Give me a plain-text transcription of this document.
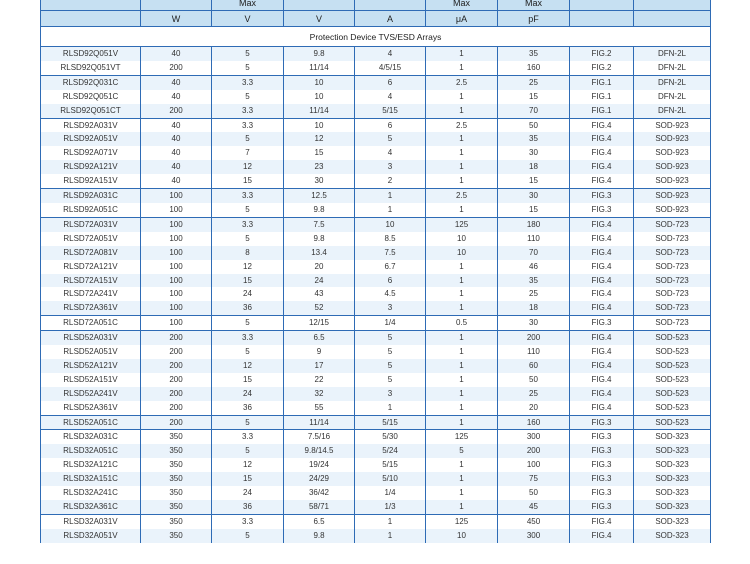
		Max			Max	Max		
	W	V	V	A	μA	pF		
Protection Device TVS/ESD Arrays								
RLSD92Q051V	40	5	9.8	4	1	35	FIG.2	DFN-2L
RLSD92Q051VT	200	5	11/14	4/5/15	1	160	FIG.2	DFN-2L
RLSD92Q031C	40	3.3	10	6	2.5	25	FIG.1	DFN-2L
RLSD92Q051C	40	5	10	4	1	15	FIG.1	DFN-2L
RLSD92Q051CT	200	3.3	11/14	5/15	1	70	FIG.1	DFN-2L
RLSD92A031V	40	3.3	10	6	2.5	50	FIG.4	SOD-923
RLSD92A051V	40	5	12	5	1	35	FIG.4	SOD-923
RLSD92A071V	40	7	15	4	1	30	FIG.4	SOD-923
RLSD92A121V	40	12	23	3	1	18	FIG.4	SOD-923
RLSD92A151V	40	15	30	2	1	15	FIG.4	SOD-923
RLSD92A031C	100	3.3	12.5	1	2.5	30	FIG.3	SOD-923
RLSD92A051C	100	5	9.8	1	1	15	FIG.3	SOD-923
RLSD72A031V	100	3.3	7.5	10	125	180	FIG.4	SOD-723
RLSD72A051V	100	5	9.8	8.5	10	110	FIG.4	SOD-723
RLSD72A081V	100	8	13.4	7.5	10	70	FIG.4	SOD-723
RLSD72A121V	100	12	20	6.7	1	46	FIG.4	SOD-723
RLSD72A151V	100	15	24	6	1	35	FIG.4	SOD-723
RLSD72A241V	100	24	43	4.5	1	25	FIG.4	SOD-723
RLSD72A361V	100	36	52	3	1	18	FIG.4	SOD-723
RLSD72A051C	100	5	12/15	1/4	0.5	30	FIG.3	SOD-723
RLSD52A031V	200	3.3	6.5	5	1	200	FIG.4	SOD-523
RLSD52A051V	200	5	9	5	1	110	FIG.4	SOD-523
RLSD52A121V	200	12	17	5	1	60	FIG.4	SOD-523
RLSD52A151V	200	15	22	5	1	50	FIG.4	SOD-523
RLSD52A241V	200	24	32	3	1	25	FIG.4	SOD-523
RLSD52A361V	200	36	55	1	1	20	FIG.4	SOD-523
RLSD52A051C	200	5	11/14	5/15	1	160	FIG.3	SOD-523
RLSD32A031C	350	3.3	7.5/16	5/30	125	300	FIG.3	SOD-323
RLSD32A051C	350	5	9.8/14.5	5/24	5	200	FIG.3	SOD-323
RLSD32A121C	350	12	19/24	5/15	1	100	FIG.3	SOD-323
RLSD32A151C	350	15	24/29	5/10	1	75	FIG.3	SOD-323
RLSD32A241C	350	24	36/42	1/4	1	50	FIG.3	SOD-323
RLSD32A361C	350	36	58/71	1/3	1	45	FIG.3	SOD-323
RLSD32A031V	350	3.3	6.5	1	125	450	FIG.4	SOD-323
RLSD32A051V	350	5	9.8	1	10	300	FIG.4	SOD-323
